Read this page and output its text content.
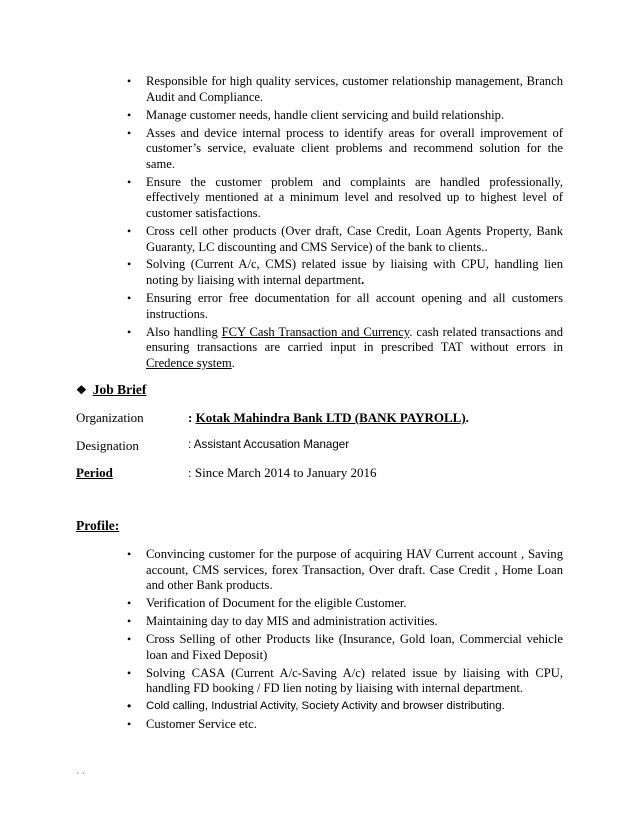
• Responsible for high quality services, customer relationship management, Branch Audit and Compliance.
• Manage customer needs, handle client servicing and build relationship.
• Asses and device internal process to identify areas for overall improvement of customer’s service, evaluate client problems and recommend solution for the same.
• Ensure the customer problem and complaints are handled professionally, effectively mentioned at a minimum level and resolved up to highest level of customer satisfactions.
• Cross cell other products (Over draft, Case Credit, Loan Agents Property, Bank Guaranty, LC discounting and CMS Service) of the bank to clients..
• Solving (Current A/c, CMS) related issue by liaising with CPU, handling lien noting by liaising with internal department.
• Ensuring error free documentation for all account opening and all customers instructions.
• Also handling FCY Cash Transaction and Currency. cash related transactions and ensuring transactions are carried input in prescribed TAT without errors in Credence system.
❖ Job Brief
Organization	: Kotak Mahindra Bank LTD (BANK PAYROLL).
Designation	: Assistant Accusation Manager
Period	: Since March 2014 to January 2016
Profile:
• Convincing customer for the purpose of acquiring HAV Current account , Saving account, CMS services, forex Transaction, Over draft. Case Credit , Home Loan and other Bank products.
• Verification of Document for the eligible Customer.
• Maintaining day to day MIS and administration activities.
• Cross Selling of other Products like (Insurance, Gold loan, Commercial vehicle loan and Fixed Deposit)
• Solving CASA (Current A/c-Saving A/c) related issue by liaising with CPU, handling FD booking / FD lien noting by liaising with internal department.
• Cold calling, Industrial Activity, Society Activity and browser distributing.
• Customer Service etc.
` `
